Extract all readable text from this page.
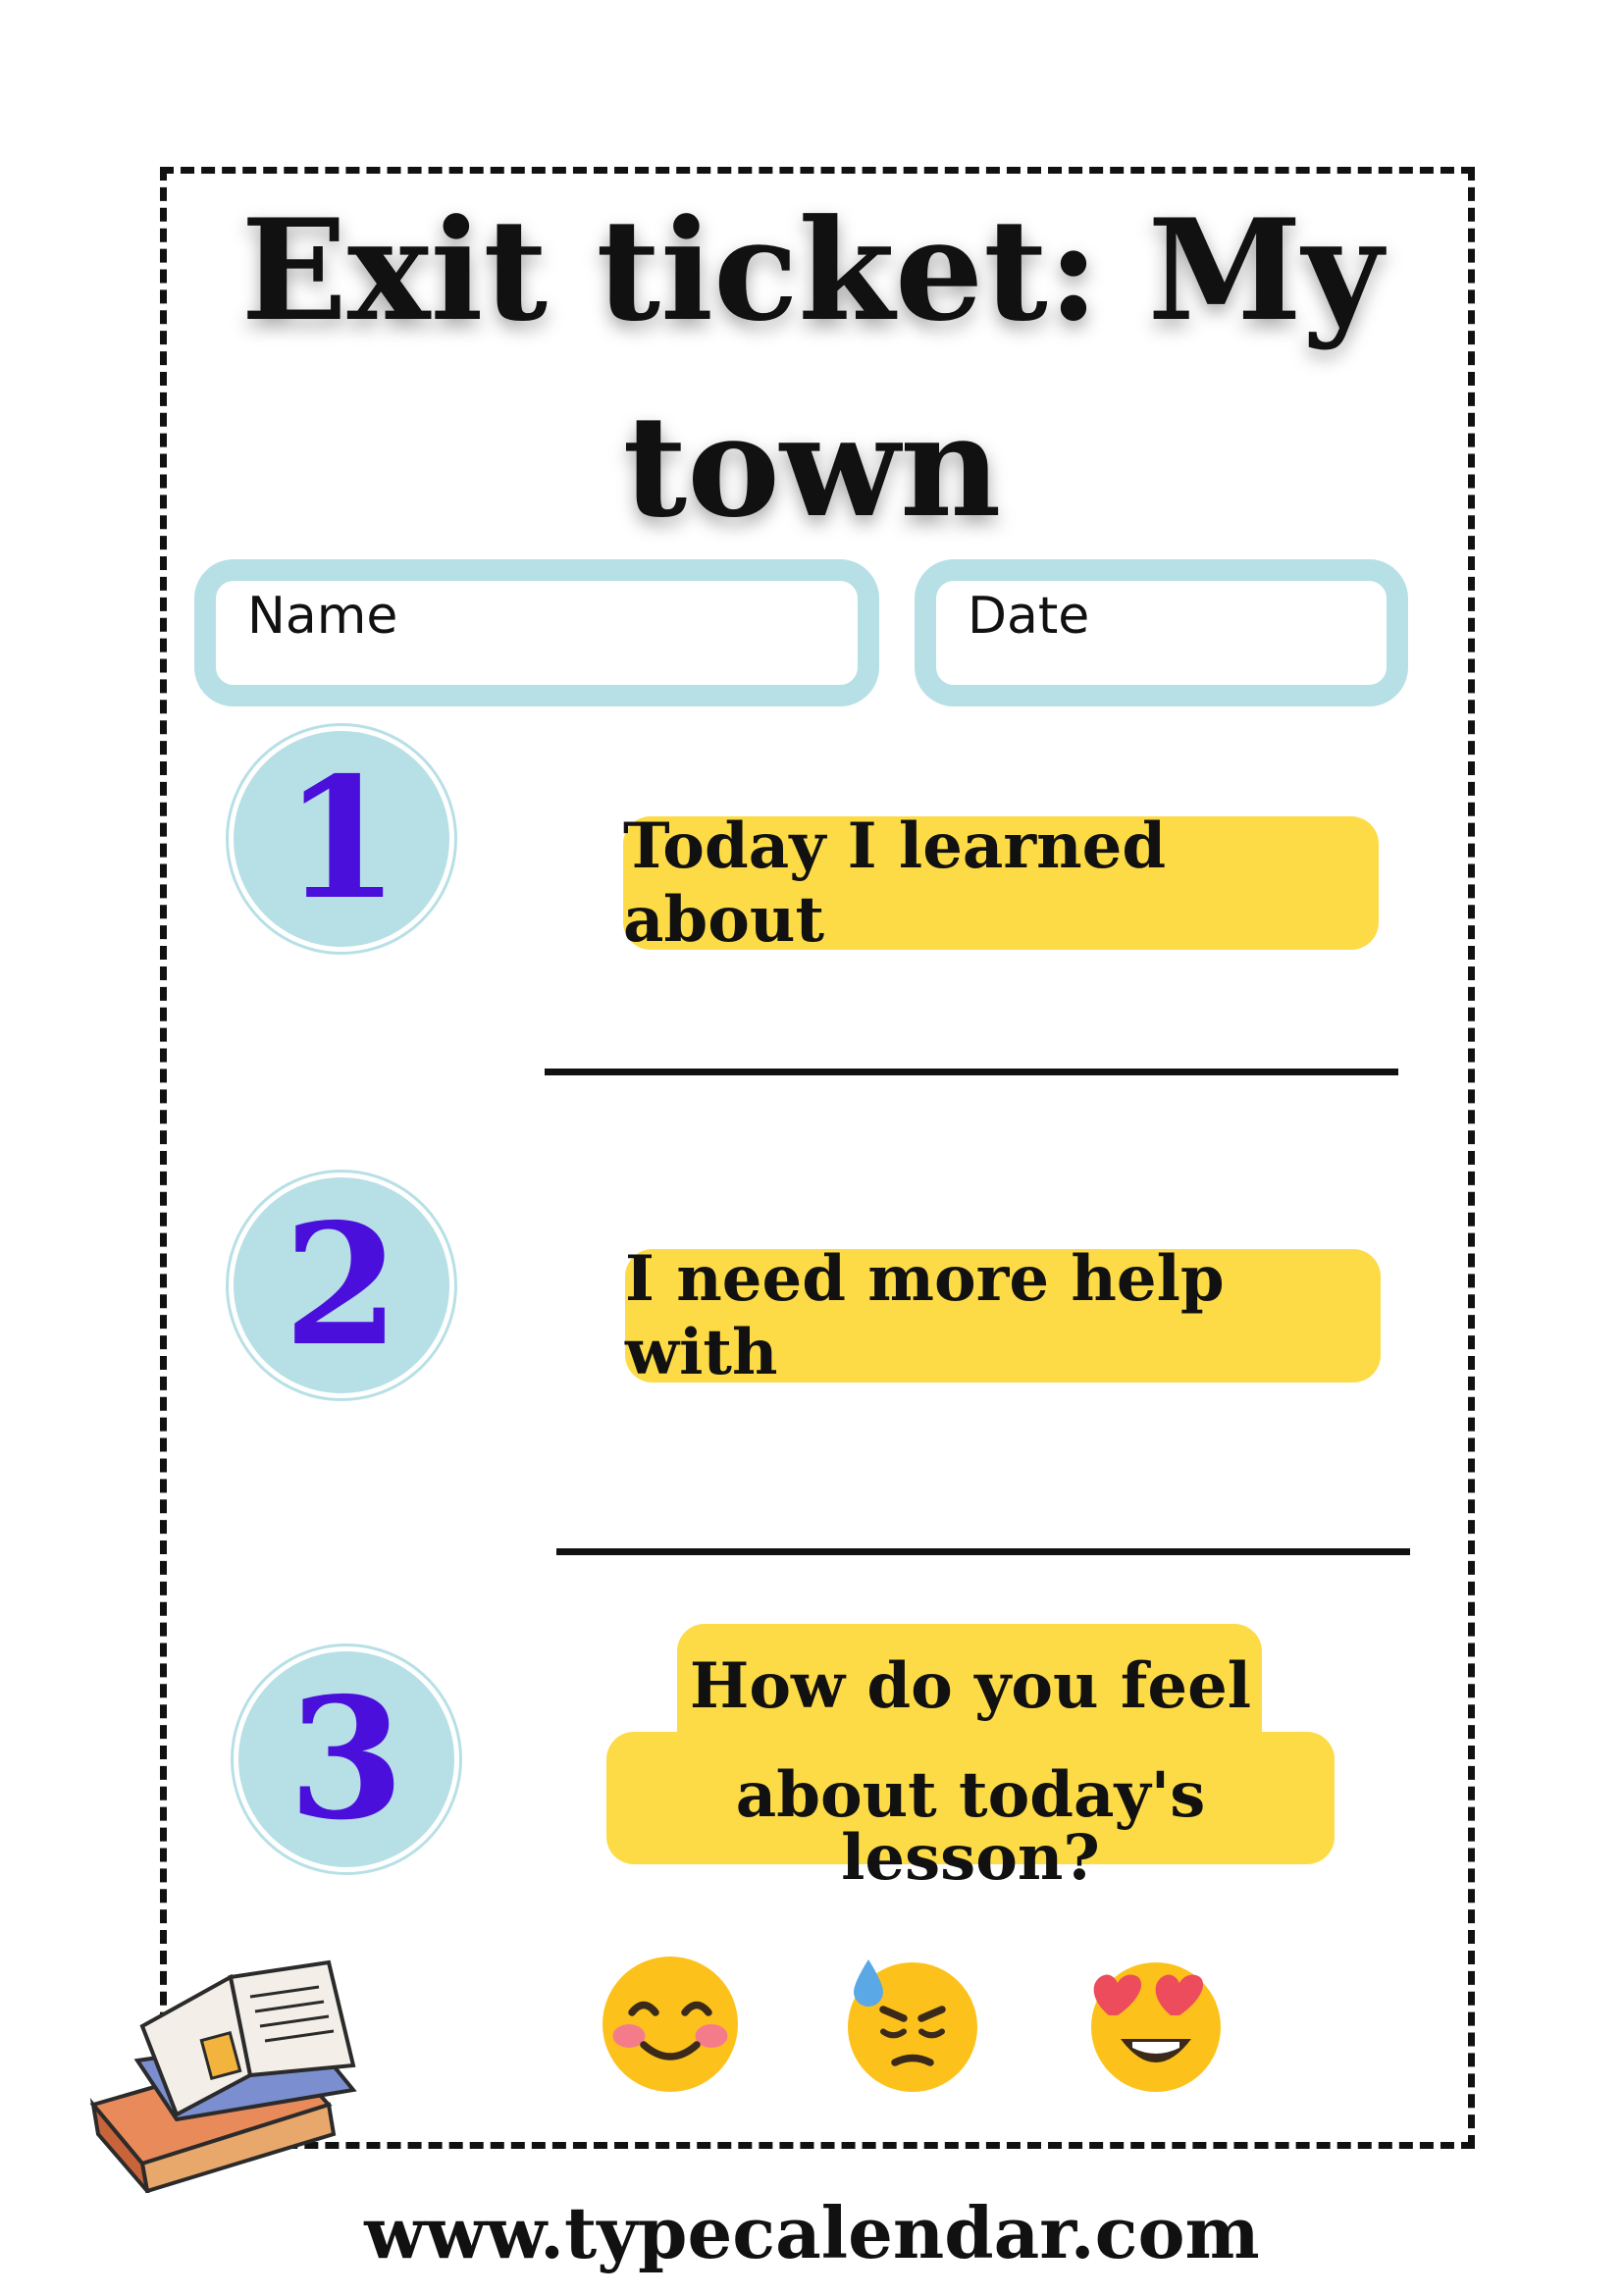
Exit ticket: My
town
Name	Date
1	Today I learned about
2	I need more help with
3	How do you feel

about today's lesson?

www.typecalendar.com
